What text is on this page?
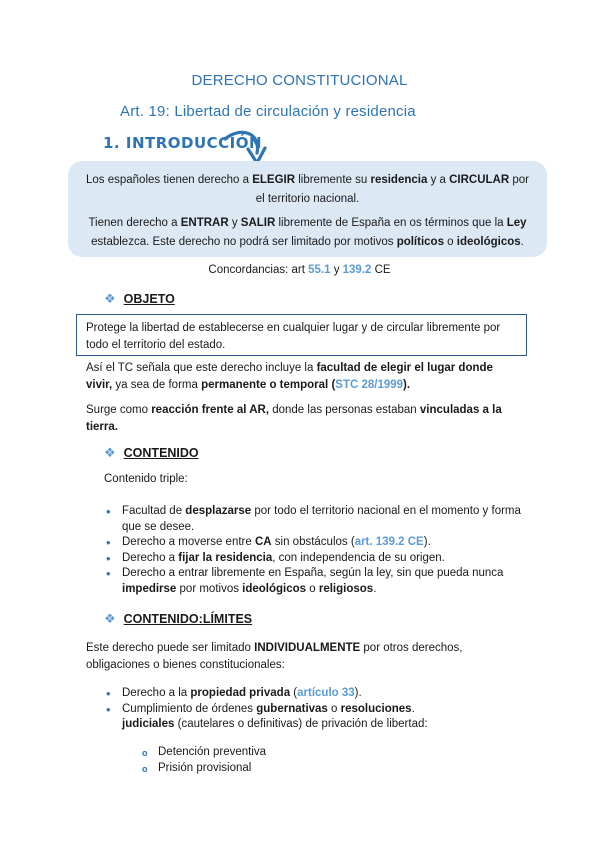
DERECHO CONSTITUCIONAL
Art. 19: Libertad de circulación y residencia
1. INTRODUCCIÓN

Los españoles tienen derecho a ELEGIR libremente su residencia y a CIRCULAR por el territorio nacional.

Tienen derecho a ENTRAR y SALIR libremente de España en os términos que la Ley establezca. Este derecho no podrá ser limitado por motivos políticos o ideológicos.

Concordancias: art 55.1 y 139.2 CE
❖ OBJETO
Protege la libertad de establecerse en cualquier lugar y de circular libremente por todo el territorio del estado.
Así el TC señala que este derecho incluye la facultad de elegir el lugar donde vivir, ya sea de forma permanente o temporal (STC 28/1999).
Surge como reacción frente al AR, donde las personas estaban vinculadas a la tierra.
❖ CONTENIDO
Contenido triple:
• Facultad de desplazarse por todo el territorio nacional en el momento y forma que se desee.
• Derecho a moverse entre CA sin obstáculos (art. 139.2 CE).
• Derecho a fijar la residencia, con independencia de su origen.
• Derecho a entrar libremente en España, según la ley, sin que pueda nunca impedirse por motivos ideológicos o religiosos.
❖ CONTENIDO:LÍMITES
Este derecho puede ser limitado INDIVIDUALMENTE por otros derechos, obligaciones o bienes constitucionales:
• Derecho a la propiedad privada (artículo 33).
• Cumplimiento de órdenes gubernativas o resoluciones.
judiciales (cautelares o definitivas) de privación de libertad:
o Detención preventiva
o Prisión provisional
